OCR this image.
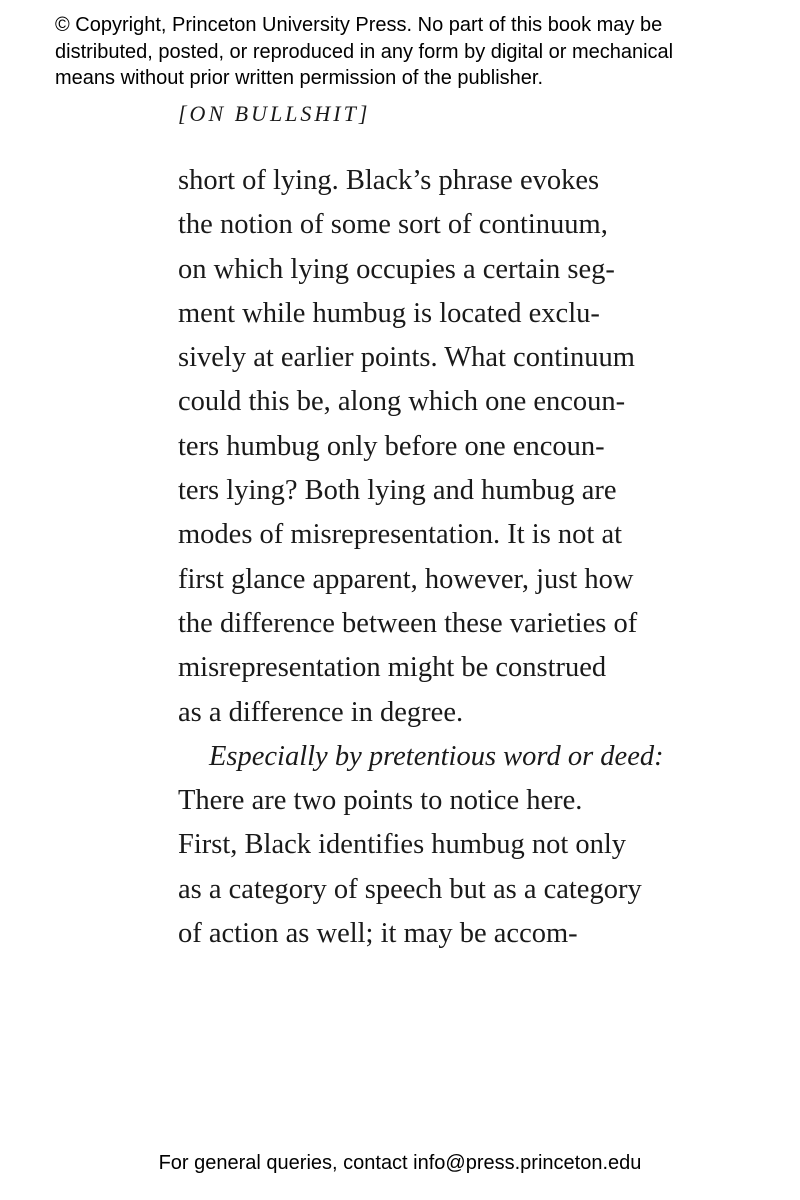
© Copyright, Princeton University Press. No part of this book may be
distributed, posted, or reproduced in any form by digital or mechanical
means without prior written permission of the publisher.
[ON BULLSHIT]
short of lying. Black’s phrase evokes
the notion of some sort of continuum,
on which lying occupies a certain seg-
ment while humbug is located exclu-
sively at earlier points. What continuum
could this be, along which one encoun-
ters humbug only before one encoun-
ters lying? Both lying and humbug are
modes of misrepresentation. It is not at
first glance apparent, however, just how
the difference between these varieties of
misrepresentation might be construed
as a difference in degree.
Especially by pretentious word or deed:
There are two points to notice here.
First, Black identifies humbug not only
as a category of speech but as a category
of action as well; it may be accom-
For general queries, contact info@press.princeton.edu
